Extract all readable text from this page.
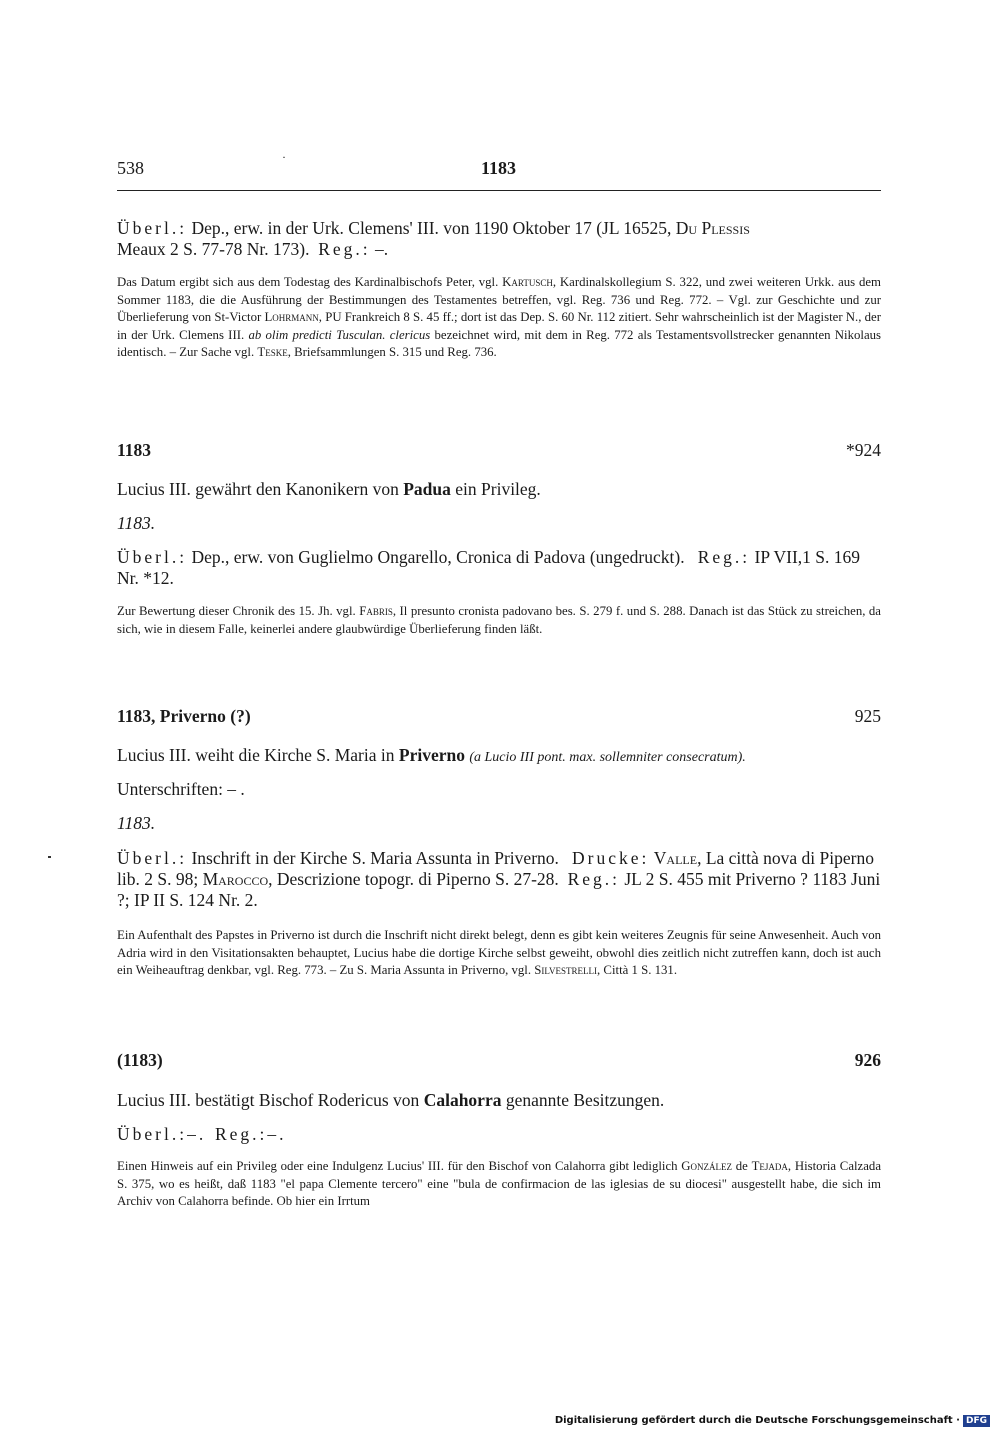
538
·
1183
Überl.: Dep., erw. in der Urk. Clemens' III. von 1190 Oktober 17 (JL 16525, Du Plessis
Meaux 2 S. 77-78 Nr. 173). Reg.: –.
Das Datum ergibt sich aus dem Todestag des Kardinalbischofs Peter, vgl. Kartusch, Kardinalskollegium S. 322, und zwei weiteren Urkk. aus dem Sommer 1183, die die Ausführung der Bestimmungen des Testamentes betreffen, vgl. Reg. 736 und Reg. 772. – Vgl. zur Geschichte und zur Überlieferung von St-Victor Lohrmann, PU Frankreich 8 S. 45 ff.; dort ist das Dep. S. 60 Nr. 112 zitiert. Sehr wahrscheinlich ist der Magister N., der in der Urk. Clemens III. ab olim predicti Tusculan. clericus bezeichnet wird, mit dem in Reg. 772 als Testamentsvollstrecker genannten Nikolaus identisch. – Zur Sache vgl. Teske, Briefsammlungen S. 315 und Reg. 736.
1183	*924
Lucius III. gewährt den Kanonikern von Padua ein Privileg.
1183.
Überl.: Dep., erw. von Guglielmo Ongarello, Cronica di Padova (ungedruckt). Reg.: IP VII,1 S. 169 Nr. *12.
Zur Bewertung dieser Chronik des 15. Jh. vgl. Fabris, Il presunto cronista padovano bes. S. 279 f. und S. 288. Danach ist das Stück zu streichen, da sich, wie in diesem Falle, keinerlei andere glaubwürdige Überlieferung finden läßt.
1183, Priverno (?)	925
Lucius III. weiht die Kirche S. Maria in Priverno (a Lucio III pont. max. sollemniter consecratum).
Unterschriften: – .
1183.
Überl.: Inschrift in der Kirche S. Maria Assunta in Priverno. Drucke: Valle, La città nova di Piperno lib. 2 S. 98; Marocco, Descrizione topogr. di Piperno S. 27-28. Reg.: JL 2 S. 455 mit Priverno ? 1183 Juni ?; IP II S. 124 Nr. 2.
Ein Aufenthalt des Papstes in Priverno ist durch die Inschrift nicht direkt belegt, denn es gibt kein weiteres Zeugnis für seine Anwesenheit. Auch von Adria wird in den Visitationsakten behauptet, Lucius habe die dortige Kirche selbst geweiht, obwohl dies zeitlich nicht zutreffen kann, doch ist auch ein Weiheauftrag denkbar, vgl. Reg. 773. – Zu S. Maria Assunta in Priverno, vgl. Silvestrelli, Città 1 S. 131.
(1183)	926
Lucius III. bestätigt Bischof Rodericus von Calahorra genannte Besitzungen.
Überl.:–. Reg.:–.
Einen Hinweis auf ein Privileg oder eine Indulgenz Lucius' III. für den Bischof von Calahorra gibt lediglich González de Tejada, Historia Calzada S. 375, wo es heißt, daß 1183 "el papa Clemente tercero" eine "bula de confirmacion de las iglesias de su diocesi" ausgestellt habe, die sich im Archiv von Calahorra befinde. Ob hier ein Irrtum
Digitalisierung gefördert durch die Deutsche Forschungsgemeinschaft · DFG
